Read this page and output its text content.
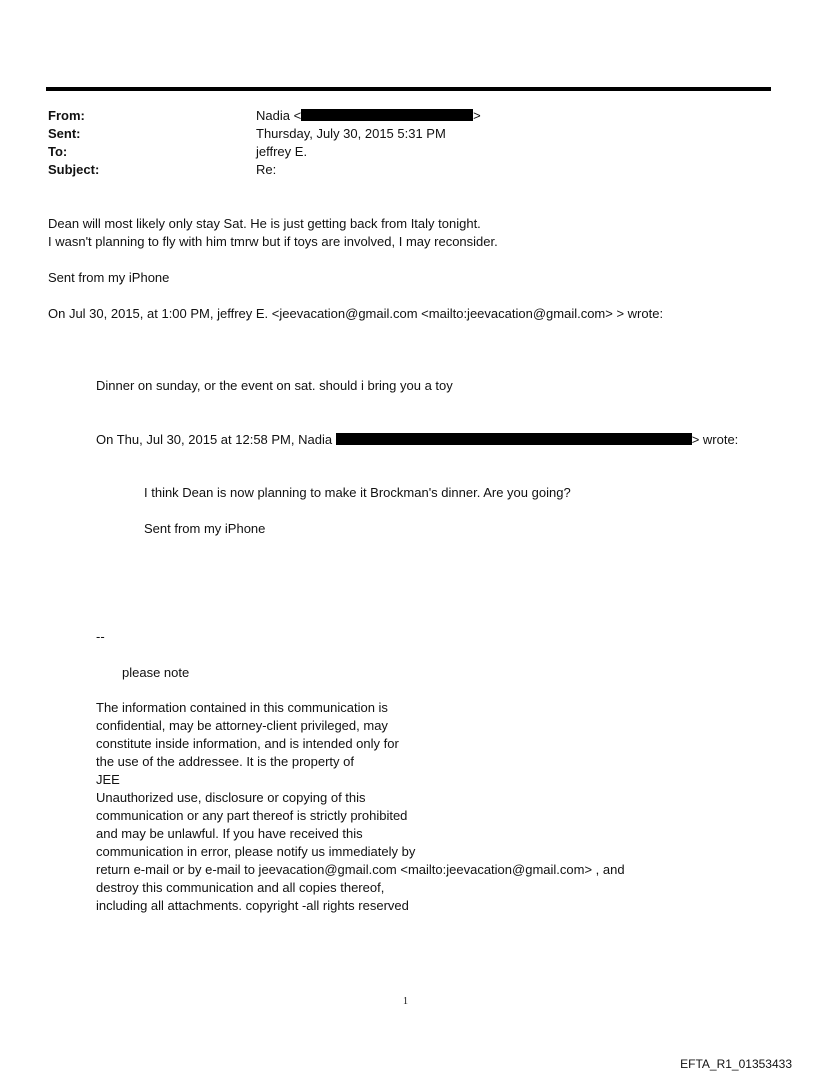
From:
Sent:
To:
Subject:
Nadia <	>
Thursday, July 30, 2015 5:31 PM
jeffrey E.
Re:
Dean will most likely only stay Sat. He is just getting back from Italy tonight.
I wasn't planning to fly with him tmrw but if toys are involved, I may reconsider.
Sent from my iPhone
On Jul 30, 2015, at 1:00 PM, jeffrey E. <jeevacation@gmail.com <mailto:jeevacation@gmail.com> > wrote:
Dinner on sunday, or the event on sat. should i bring you a toy
On Thu, Jul 30, 2015 at 12:58 PM, Nadia	> wrote:
I think Dean is now planning to make it Brockman's dinner. Are you going?
Sent from my iPhone
--
please note
The information contained in this communication is
confidential, may be attorney-client privileged, may
constitute inside information, and is intended only for
the use of the addressee. It is the property of
JEE
Unauthorized use, disclosure or copying of this
communication or any part thereof is strictly prohibited
and may be unlawful. If you have received this
communication in error, please notify us immediately by
return e-mail or by e-mail to jeevacation@gmail.com <mailto:jeevacation@gmail.com> , and
destroy this communication and all copies thereof,
including all attachments. copyright -all rights reserved
1
EFTA_R1_01353433
